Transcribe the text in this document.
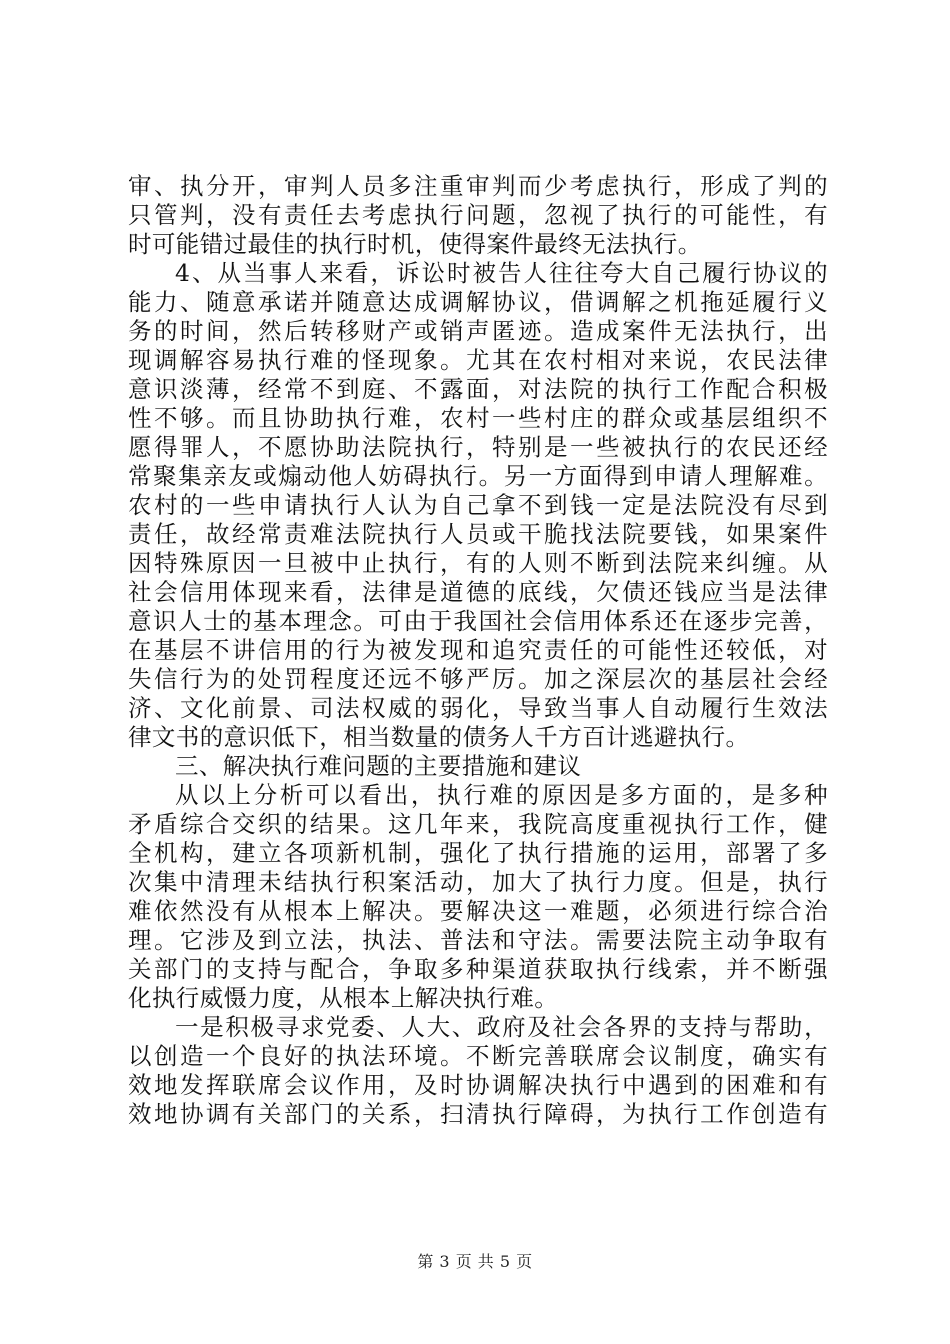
审、执分开，审判人员多注重审判而少考虑执行，形成了判的
只管判，没有责任去考虑执行问题，忽视了执行的可能性，有
时可能错过最佳的执行时机，使得案件最终无法执行。
4、从当事人来看，诉讼时被告人往往夸大自己履行协议的
能力、随意承诺并随意达成调解协议，借调解之机拖延履行义
务的时间，然后转移财产或销声匿迹。造成案件无法执行，出
现调解容易执行难的怪现象。尤其在农村相对来说，农民法律
意识淡薄，经常不到庭、不露面，对法院的执行工作配合积极
性不够。而且协助执行难，农村一些村庄的群众或基层组织不
愿得罪人，不愿协助法院执行，特别是一些被执行的农民还经
常聚集亲友或煽动他人妨碍执行。另一方面得到申请人理解难。
农村的一些申请执行人认为自己拿不到钱一定是法院没有尽到
责任，故经常责难法院执行人员或干脆找法院要钱，如果案件
因特殊原因一旦被中止执行，有的人则不断到法院来纠缠。从
社会信用体现来看，法律是道德的底线，欠债还钱应当是法律
意识人士的基本理念。可由于我国社会信用体系还在逐步完善，
在基层不讲信用的行为被发现和追究责任的可能性还较低，对
失信行为的处罚程度还远不够严厉。加之深层次的基层社会经
济、文化前景、司法权威的弱化，导致当事人自动履行生效法
律文书的意识低下，相当数量的债务人千方百计逃避执行。
三、解决执行难问题的主要措施和建议
从以上分析可以看出，执行难的原因是多方面的，是多种
矛盾综合交织的结果。这几年来，我院高度重视执行工作，健
全机构，建立各项新机制，强化了执行措施的运用，部署了多
次集中清理未结执行积案活动，加大了执行力度。但是，执行
难依然没有从根本上解决。要解决这一难题，必须进行综合治
理。它涉及到立法，执法、普法和守法。需要法院主动争取有
关部门的支持与配合，争取多种渠道获取执行线索，并不断强
化执行威慑力度，从根本上解决执行难。
一是积极寻求党委、人大、政府及社会各界的支持与帮助，
以创造一个良好的执法环境。不断完善联席会议制度，确实有
效地发挥联席会议作用，及时协调解决执行中遇到的困难和有
效地协调有关部门的关系，扫清执行障碍，为执行工作创造有

第 3 页 共 5 页
